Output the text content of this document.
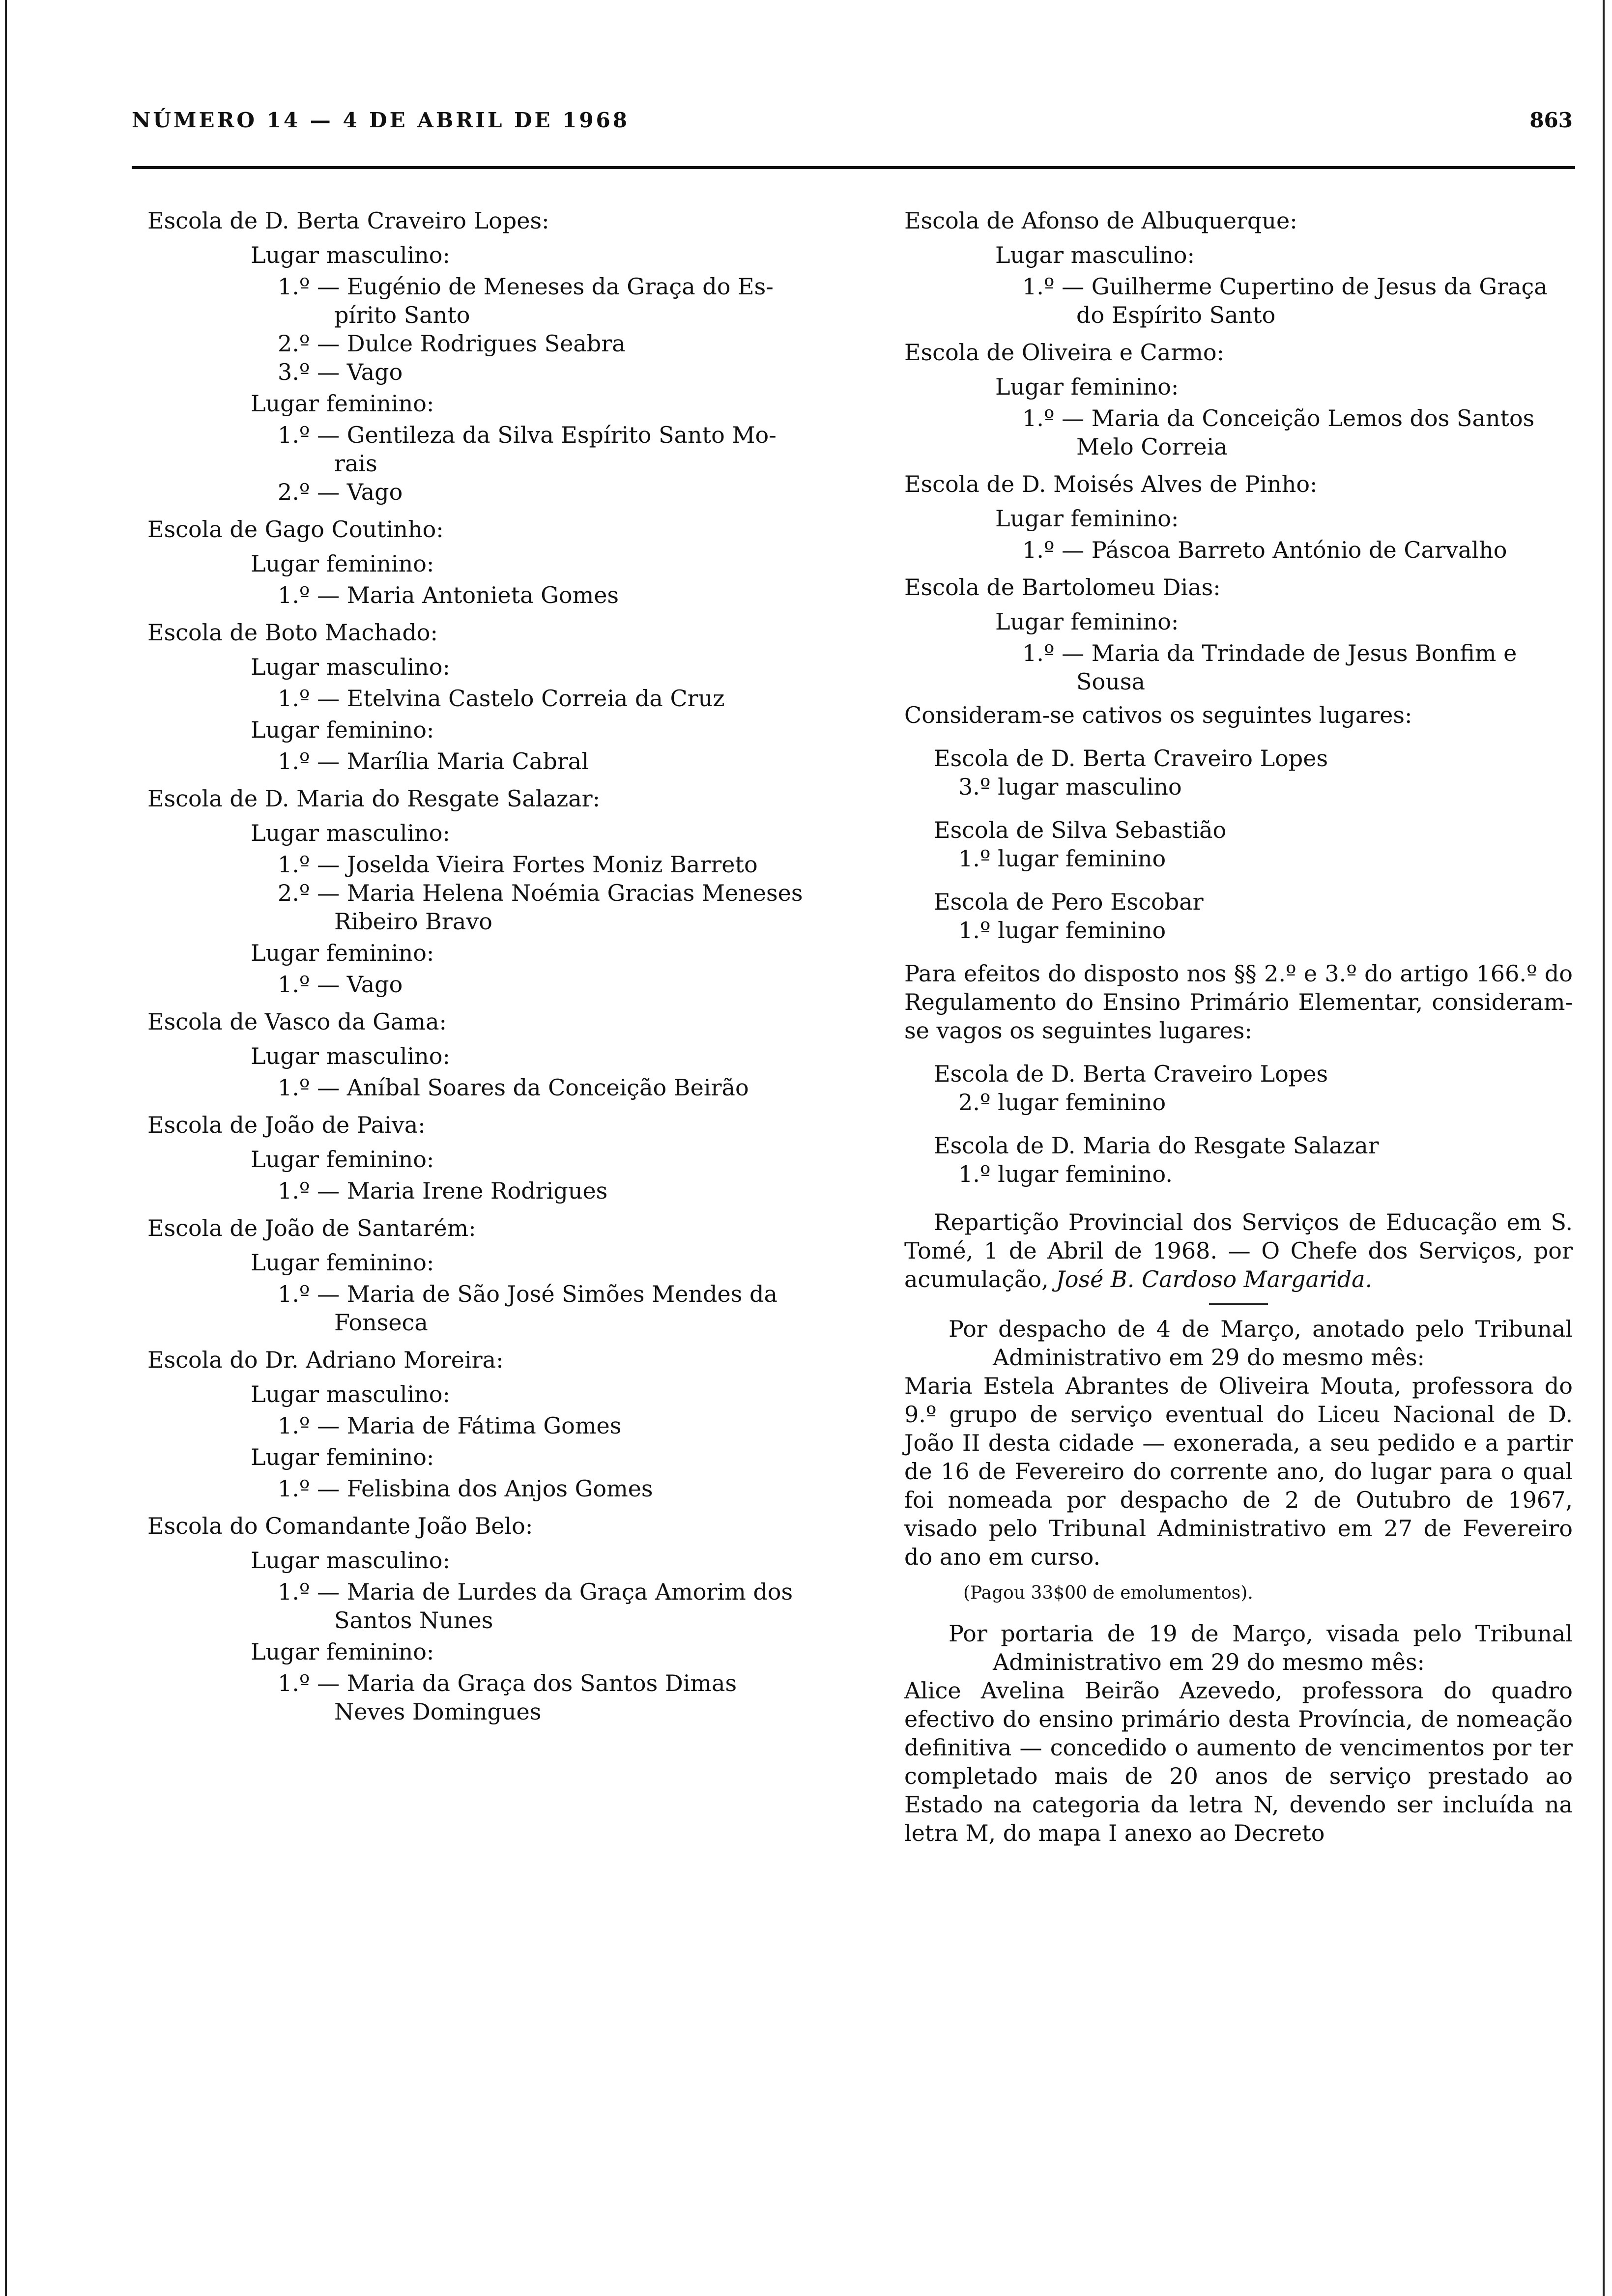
NÚMERO 14 — 4 DE ABRIL DE 1968	863
Escola de D. Berta Craveiro Lopes:
Lugar masculino:
1.º — Eugénio de Meneses da Graça do Es-
pírito Santo
2.º — Dulce Rodrigues Seabra
3.º — Vago
Lugar feminino:
1.º — Gentileza da Silva Espírito Santo Mo-
rais
2.º — Vago
Escola de Gago Coutinho:
Lugar feminino:
1.º — Maria Antonieta Gomes
Escola de Boto Machado:
Lugar masculino:
1.º — Etelvina Castelo Correia da Cruz
Lugar feminino:
1.º — Marília Maria Cabral
Escola de D. Maria do Resgate Salazar:
Lugar masculino:
1.º — Joselda Vieira Fortes Moniz Barreto
2.º — Maria Helena Noémia Gracias Meneses
Ribeiro Bravo
Lugar feminino:
1.º — Vago
Escola de Vasco da Gama:
Lugar masculino:
1.º — Aníbal Soares da Conceição Beirão
Escola de João de Paiva:
Lugar feminino:
1.º — Maria Irene Rodrigues
Escola de João de Santarém:
Lugar feminino:
1.º — Maria de São José Simões Mendes da
Fonseca
Escola do Dr. Adriano Moreira:
Lugar masculino:
1.º — Maria de Fátima Gomes
Lugar feminino:
1.º — Felisbina dos Anjos Gomes
Escola do Comandante João Belo:
Lugar masculino:
1.º — Maria de Lurdes da Graça Amorim dos
Santos Nunes
Lugar feminino:
1.º — Maria da Graça dos Santos Dimas
Neves Domingues
Escola de Afonso de Albuquerque:
Lugar masculino:
1.º — Guilherme Cupertino de Jesus da Graça
do Espírito Santo
Escola de Oliveira e Carmo:
Lugar feminino:
1.º — Maria da Conceição Lemos dos Santos
Melo Correia
Escola de D. Moisés Alves de Pinho:
Lugar feminino:
1.º — Páscoa Barreto António de Carvalho
Escola de Bartolomeu Dias:
Lugar feminino:
1.º — Maria da Trindade de Jesus Bonfim e
Sousa
Consideram-se cativos os seguintes lugares:
Escola de D. Berta Craveiro Lopes
3.º lugar masculino
Escola de Silva Sebastião
1.º lugar feminino
Escola de Pero Escobar
1.º lugar feminino
Para efeitos do disposto nos §§ 2.º e 3.º do artigo 166.º do Regulamento do Ensino Primário Elementar, consideram-se vagos os seguintes lugares:
Escola de D. Berta Craveiro Lopes
2.º lugar feminino
Escola de D. Maria do Resgate Salazar
1.º lugar feminino.
Repartição Provincial dos Serviços de Educação em S. Tomé, 1 de Abril de 1968. — O Chefe dos Serviços, por acumulação, José B. Cardoso Margarida.
Por despacho de 4 de Março, anotado pelo Tribunal Administrativo em 29 do mesmo mês:
Maria Estela Abrantes de Oliveira Mouta, professora do 9.º grupo de serviço eventual do Liceu Nacional de D. João II desta cidade — exonerada, a seu pedido e a partir de 16 de Fevereiro do corrente ano, do lugar para o qual foi nomeada por despacho de 2 de Outubro de 1967, visado pelo Tribunal Administrativo em 27 de Fevereiro do ano em curso.
(Pagou 33$00 de emolumentos).
Por portaria de 19 de Março, visada pelo Tribunal Administrativo em 29 do mesmo mês:
Alice Avelina Beirão Azevedo, professora do quadro efectivo do ensino primário desta Província, de nomeação definitiva — concedido o aumento de vencimentos por ter completado mais de 20 anos de serviço prestado ao Estado na categoria da letra N, devendo ser incluída na letra M, do mapa I anexo ao Decreto
